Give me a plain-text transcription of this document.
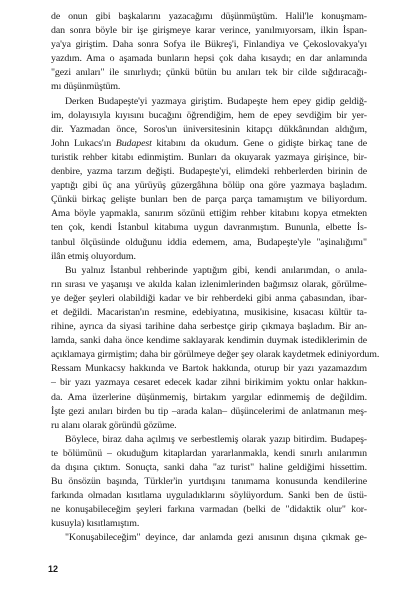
de onun gibi başkalarını yazacağımı düşünmüştüm. Halil'le konuşmam-
dan sonra böyle bir işe girişmeye karar verince, yanılmıyorsam, ilkin İspan-
ya'ya giriştim. Daha sonra Sofya ile Bükreş'i, Finlandiya ve Çekoslovakya'yı
yazdım. Ama o aşamada bunların hepsi çok daha kısaydı; en dar anlamında
"gezi anıları" ile sınırlıydı; çünkü bütün bu anıları tek bir cilde sığdıracağı-
mı düşünmüştüm.
Derken Budapeşte'yi yazmaya giriştim. Budapeşte hem epey gidip geldiğ-
im, dolayısıyla kıyısını bucağını öğrendiğim, hem de epey sevdiğim bir yer-
dir. Yazmadan önce, Soros'un üniversitesinin kitapçı dükkânından aldığım,
John Lukacs'ın Budapest kitabını da okudum. Gene o gidişte birkaç tane de
turistik rehber kitabı edinmiştim. Bunları da okuyarak yazmaya girişince, bir-
denbire, yazma tarzım değişti. Budapeşte'yi, elimdeki rehberlerden birinin de
yaptığı gibi üç ana yürüyüş güzergâhına bölüp ona göre yazmaya başladım.
Çünkü birkaç gelişte bunları ben de parça parça tamamıştım ve biliyordum.
Ama böyle yapmakla, sanırım sözünü ettiğim rehber kitabını kopya etmekten
ten çok, kendi İstanbul kitabıma uygun davranmıştım. Bununla, elbette İs-
tanbul ölçüsünde olduğunu iddia edemem, ama, Budapeşte'yle "aşinalığımı"
ilân etmiş oluyordum.
Bu yalnız İstanbul rehberinde yaptığım gibi, kendi anılarımdan, o anıla-
rın sırası ve yaşanışı ve akılda kalan izlenimlerinden bağımsız olarak, görülme-
ye değer şeyleri olabildiği kadar ve bir rehberdeki gibi anma çabasından, ibar-
et değildi. Macaristan'ın resmine, edebiyatına, musikisine, kısacası kültür ta-
rihine, ayrıca da siyasi tarihine daha serbestçe girip çıkmaya başladım. Bir an-
lamda, sanki daha önce kendime saklayarak kendimin duymak istediklerimin de
açıklamaya girmiştim; daha bir görülmeye değer şey olarak kaydetmek ediniyordum.
Ressam Munkacsy hakkında ve Bartok hakkında, oturup bir yazı yazamazdım
– bir yazı yazmaya cesaret edecek kadar zihni birikimim yoktu onlar hakkın-
da. Ama üzerlerine düşünmemiş, birtakım yargılar edinmemiş de değildim.
İşte gezi anıları birden bu tip –arada kalan– düşüncelerimi de anlatmanın meş-
ru alanı olarak göründü gözüme.
Böylece, biraz daha açılmış ve serbestlemiş olarak yazıp bitirdim. Budapeş-
te bölümünü – okuduğum kitaplardan yararlanmakla, kendi sınırlı anılarımın
da dışına çıktım. Sonuçta, sanki daha "az turist" haline geldiğimi hissettim.
Bu önsözün başında, Türkler'in yurtdışını tanımama konusunda kendilerine
farkında olmadan kısıtlama uyguladıklarını söylüyordum. Sanki ben de üstü-
ne konuşabileceğim şeyleri farkına varmadan (belki de "didaktik olur" kor-
kusuyla) kısıtlamıştım.
"Konuşabileceğim" deyince, dar anlamda gezi anısının dışına çıkmak ge-
12
